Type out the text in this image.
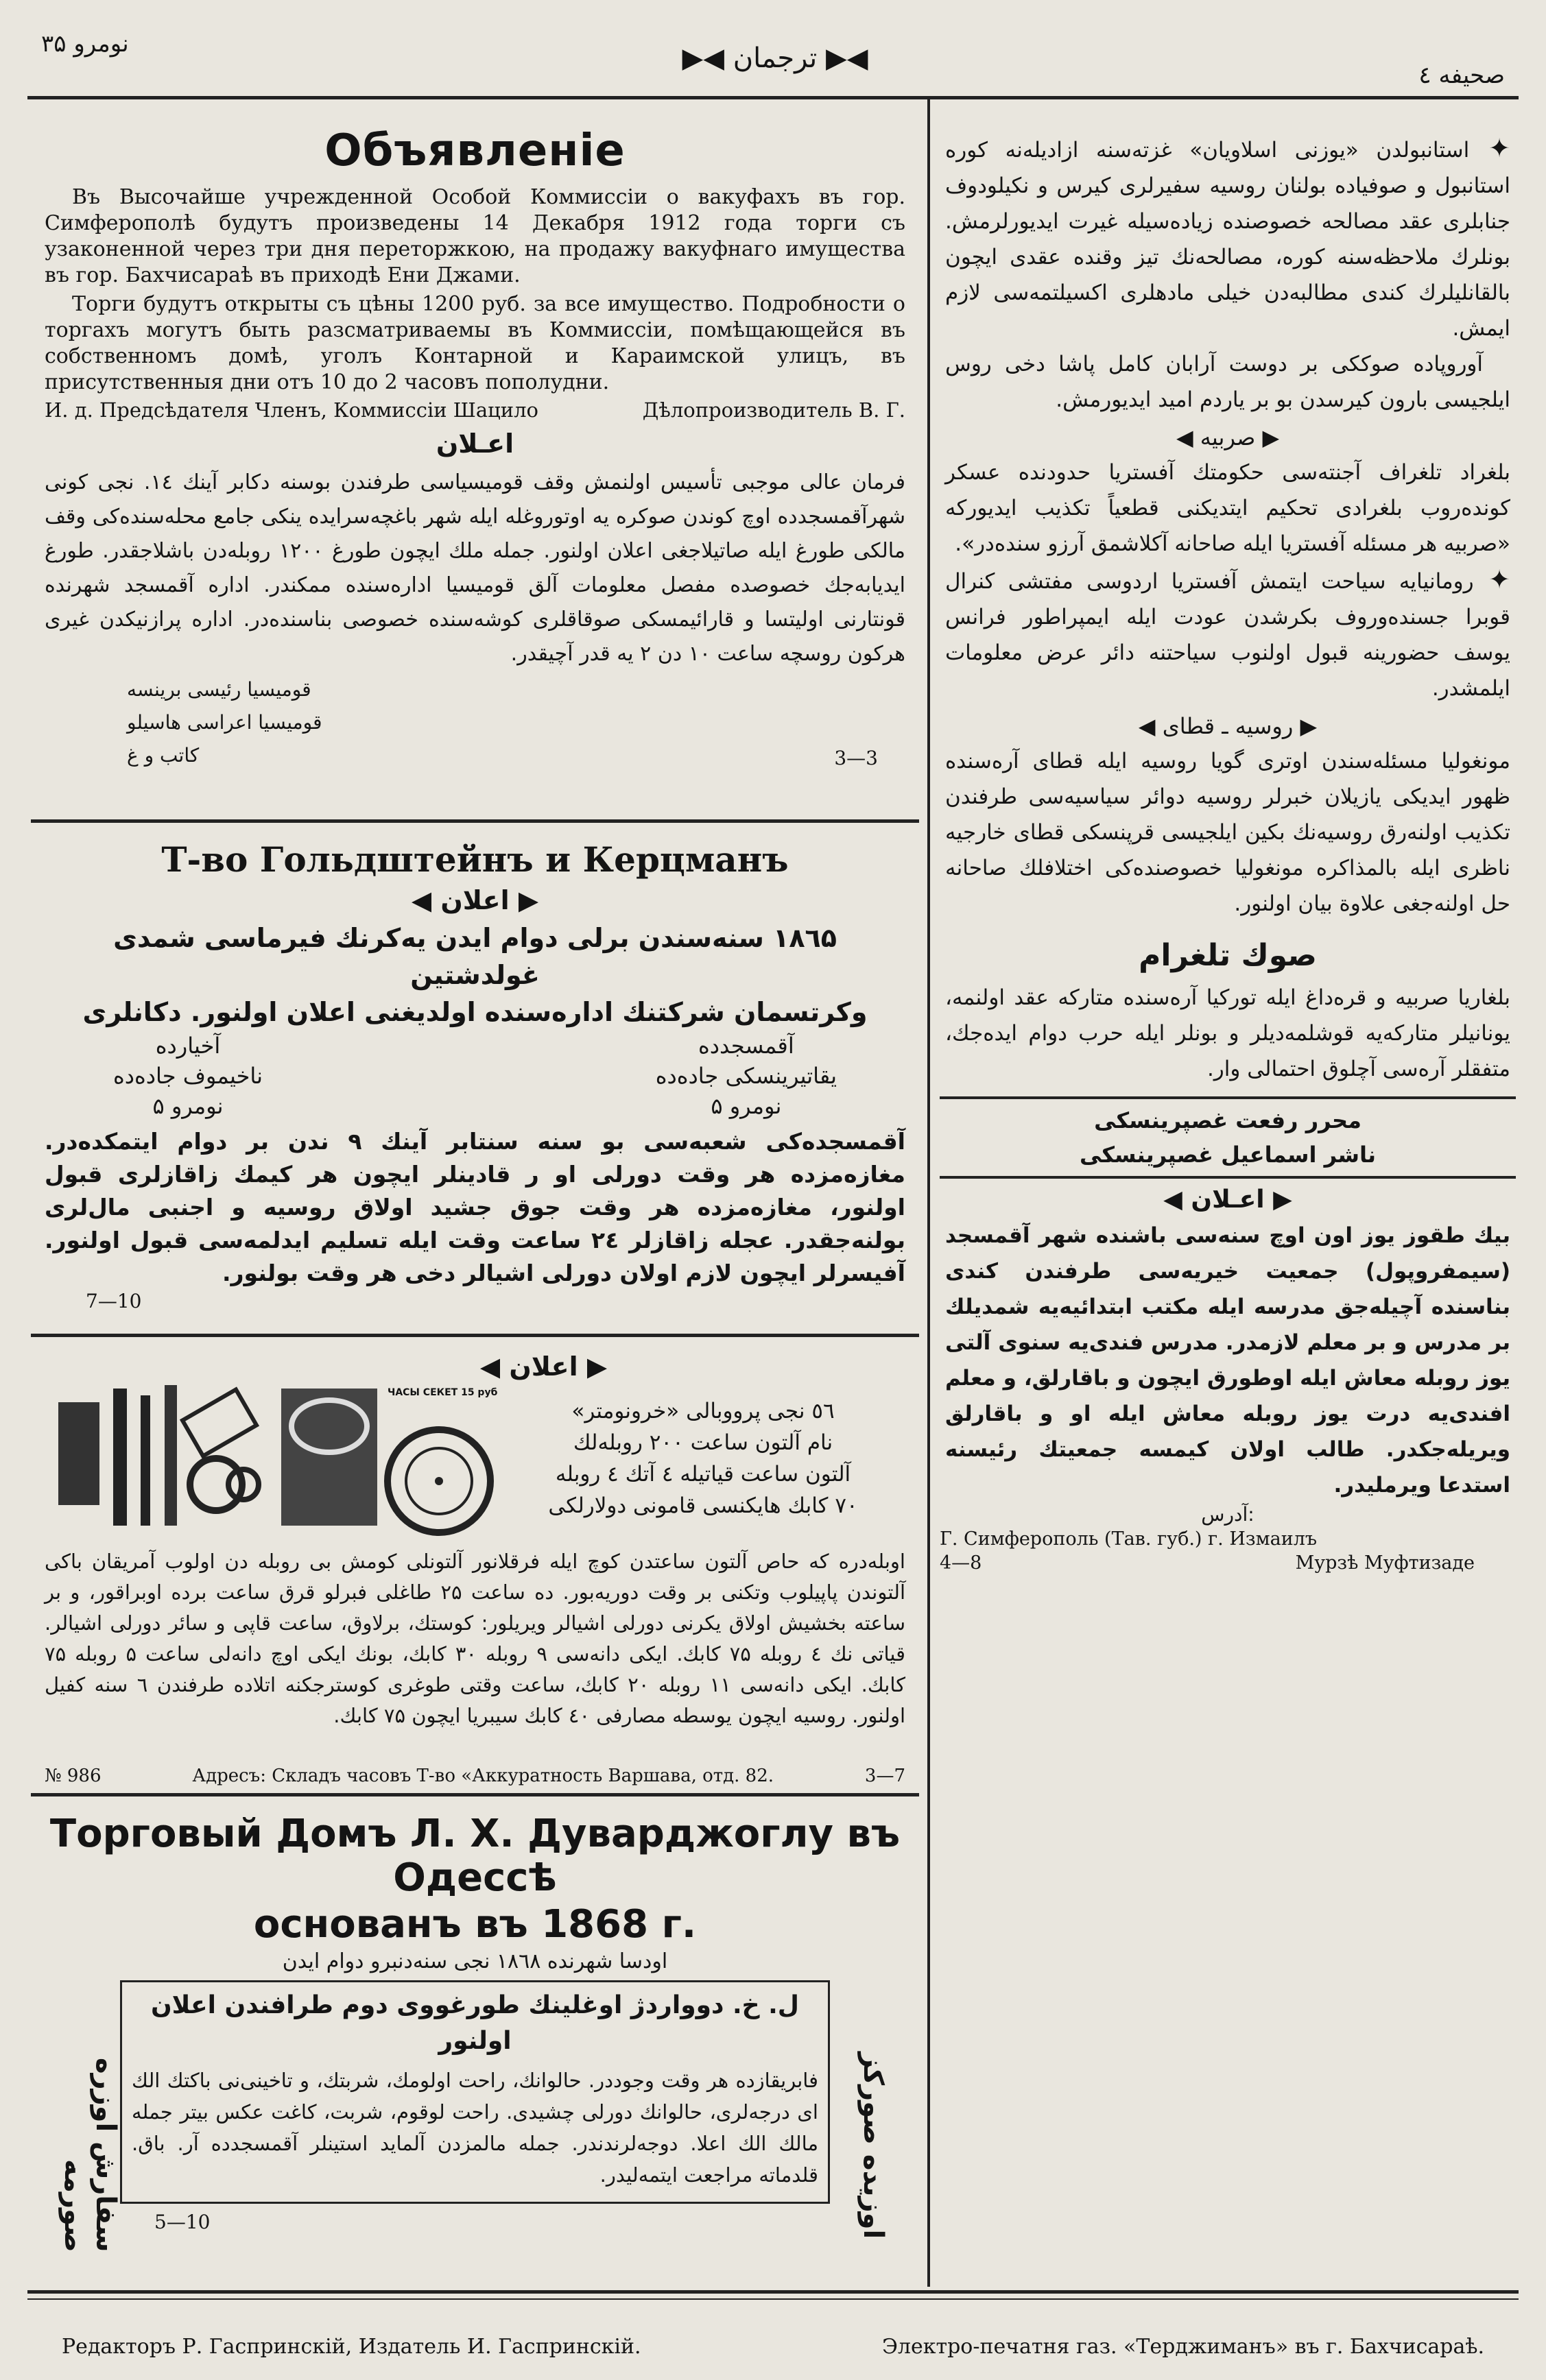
نومرو ۳۵	◀▶ ترجمان ◀▶
صحيفه ٤
Объявленіе

Въ Высочайше учрежденной Особой Коммиссіи о вакуфахъ въ гор. Симферополѣ будутъ произведены 14 Декабря 1912 года торги съ узаконенной через три дня переторжкою, на продажу вакуфнаго имущества въ гор. Бахчисараѣ въ приходѣ Ени Джами.

Торги будутъ открыты съ цѣны 1200 руб. за все имущество. Подробности о торгахъ могутъ быть разсматриваемы въ Коммиссіи, помѣщающейся въ собственномъ домѣ, уголъ Контарной и Караимской улицъ, въ присутственныя дни отъ 10 до 2 часовъ пополудни.

И. д. Предсѣдателя Членъ, Коммиссіи Шацило	Дѣлопроизводитель В. Г.
اعـلان

فرمان عالی موجبی تأسیس اولنمش وقف قومیسیاسی طرفندن بوسنه دکابر آینك ۱٤. نجی کونی شهرآقمسجدده اوچ کوندن صوکره یه اوتوروغله ایله شهر باغچه‌سرایده ینکی جامع محله‌سنده‌کی وقف مالکی طورغ ایله صاتیلاجغی اعلان اولنور. جمله ملك ایچون طورغ ۱۲۰۰ روبله‌دن باشلاجقدر. طورغ ایدیابه‌جك خصوصده مفصل معلومات آلق قومیسیا اداره‌سنده ممکندر. اداره آقمسجد شهرنده قونتارنی اولیتسا و قارائیمسکی صوقاقلری کوشه‌سنده خصوصی بناسنده‌در. اداره پرازنیکدن غیری هرکون روسچه ساعت ۱۰ دن ۲ یه قدر آچیقدر.

قومیسیا رئیسی برینسه
قومیسیا اعراسی هاسیلو
کاتب و غ	3—3
Т-во Гольдштейнъ и Керцманъ
◀ اعلان ▶
۱۸٦۵ سنه‌سندن برلی دوام ایدن یه‌کرنك فیرماسی شمدی غولدشتین
وکرتسمان شرکتنك اداره‌سنده اولدیغنی اعلان اولنور. دکانلری
آخیارده
ناخیموف جاده‌ده
نومرو ۵
آقمسجدده
یقاتیرینسکی جاده‌ده
نومرو ۵

آقمسجده‌کی شعبه‌سی بو سنه سنتابر آینك ۹ ندن بر دوام ایتمکده‌در. مغازه‌مزده هر وقت دورلی او ر قادینلر ایچون هر کیمك زاقازلری قبول اولنور، مغازه‌مزده هر وقت جوق جشید اولاق روسیه و اجنبی مال‌لری بولنه‌جقدر. عجله زاقازلر ۲٤ ساعت وقت ایله تسلیم ایدلمه‌سی قبول اولنور. آفیسرلر ایچون لازم اولان دورلی اشیالر دخی هر وقت بولنور.

7—10
◀ اعلان ▶
ЧАСЫ СЕКЕТ 15 руб
٥٦ نجی پرووبالی «خرونومتر»
نام آلتون ساعت ۲۰۰ روبله‌لك
آلتون ساعت قیاتیله ٤ آتك ٤ روبله
۷۰ کابك هایکنسی قامونی دولارلکی

اوبله‌دره که حاص آلتون ساعتدن کوچ ایله فرقلانور آلتونلی کومش بی روبله دن اولوب آمریقان باکی آلتوندن پاپیلوب وتکنی بر وقت دوریه‌بور. ده ساعت ۲۵ طاغلی فبرلو قرق ساعت برده اوبراقور، و بر ساعته بخشیش اولاق یکرنی دورلی اشیالر ویریلور: کوستك، برلاوق، ساعت قاپی و سائر دورلی اشیالر. قیاتی نك ٤ روبله ۷۵ کابك. ایکی دانه‌سی ۹ روبله ۳۰ کابك، بونك ایکی اوچ دانه‌لی ساعت ۵ روبله ۷۵ کابك. ایکی دانه‌سی ۱۱ روبله ۲۰ کابك، ساعت وقتی طوغری کوسترجکنه اتلاده طرفندن ٦ سنه کفیل اولنور. روسیه ایچون یوسطه مصارفی ٤۰ کابك سیبریا ایچون ۷۵ کابك.

№ 986	Адресъ: Складъ часовъ Т-во «Аккуратность Варшава, отд. 82.	3—7
Торговый Домъ Л. Х. Дуварджоглу въ Одессѣ
основанъ въ 1868 г.
اودسا شهرنده ۱۸٦۸ نجی سنه‌دنبرو دوام ایدن
ل. خ. دوواردژ اوغلینك طورغووی دوم طرافندن اعلان اولنور

فابریقازده هر وقت وجوددر. حالوانك، راحت اولومك، شربتك، و تاخینی‌نی باکتك الك ای درجه‌لری، حالوانك دورلی چشیدی. راحت لوقوم، شربت، کاغت عکس بیتر جمله مالك الك اعلا. دوجه‌لرندندر. جمله مالمزدن آلماید استینلر آقمسجدده آر. باق. قلدماته مراجعت ایتمه‌لیدر.

سفارش اوزره صورمه	اوزیده صورکز
5—10

✦ استانبولدن «یوزنی اسلاویان» غزته‌سنه ازادیله‌نه کوره استانبول و صوفیاده بولنان روسیه سفیرلری کیرس و نکیلودوف جنابلری عقد مصالحه خصوصنده زیاده‌سیله غیرت ایدیورلرمش. بونلرك ملاحظه‌سنه کوره، مصالحه‌نك تیز وقنده عقدی ایچون بالقانلیلرك کندی مطالبه‌دن خیلی مادهلری اکسیلتمه‌سی لازم ایمش.

آوروپاده صوككی بر دوست آرابان کامل پاشا دخی روس ایلجیسی بارون کیرسدن بو بر یاردم امید ایدیورمش.

◀ صربیه ▶

بلغراد تلغراف آجنته‌سی حکومتك آفستریا حدودنده عسکر کونده‌روب بلغرادی تحکیم ایتدیکنی قطعیاً تکذیب ایدیورکه «صربیه هر مسئله آفستریا ایله صاحانه آکلاشمق آرزو سنده‌در».

✦ رومانیایه سیاحت ایتمش آفستریا اردوسی مفتشی کنرال قوبرا جسنده‌وروف بکرشدن عودت ایله ایمپراطور فرانس یوسف حضورینه قبول اولنوب سیاحتنه دائر عرض معلومات ایلمشدر.

◀ روسیه ـ قطای ▶

مونغولیا مسئله‌سندن اوتری گویا روسیه ایله قطای آره‌سنده ظهور ایدیکی یازیلان خبرلر روسیه دوائر سیاسیه‌سی طرفندن تکذیب اولنه‌رق روسیه‌نك بکین ایلجیسی قرپنسکی قطای خارجیه ناظری ایله بالمذاکره مونغولیا خصوصنده‌کی اختلافلك صاحانه حل اولنه‌جغی علاوة بیان اولنور.

صوك تلغرام

بلغاریا صربیه و قره‌داغ ایله تورکیا آره‌سنده متارکه عقد اولنمه، یونانیلر متارکه‌یه قوشلمه‌دیلر و بونلر ایله حرب دوام ایده‌جك، متفقلر آره‌سی آچلوق احتمالی وار.

محرر رفعت غصپرینسکی
ناشر اسماعیل غصپرینسکی
◀ اعـلان ▶

بیك طقوز یوز اون اوچ سنه‌سی باشنده شهر آقمسجد (سیمفروپول) جمعیت خیریه‌سی طرفندن کندی بناسنده آچیله‌جق مدرسه ایله مکتب ابتدائیه‌یه شمدیلك بر مدرس و بر معلم لازمدر. مدرس فندی‌یه سنوی آلتی یوز روبله معاش ایله اوطورق ایچون و باقارلق، و معلم افندی‌یه درت یوز روبله معاش ایله او و باقارلق ویریله‌جکدر. طالب اولان کیمسه جمعیتك رئیسنه استدعا ویرملیدر.

آدرس:
Г. Симферополь (Тав. губ.) г. Измаилъ
4—8	Мурзѣ Муфтизаде
Редакторъ Р. Гаспринскій, Издатель И. Гаспринскій.	Электро-печатня газ. «Терджиманъ» въ г. Бахчисараѣ.
